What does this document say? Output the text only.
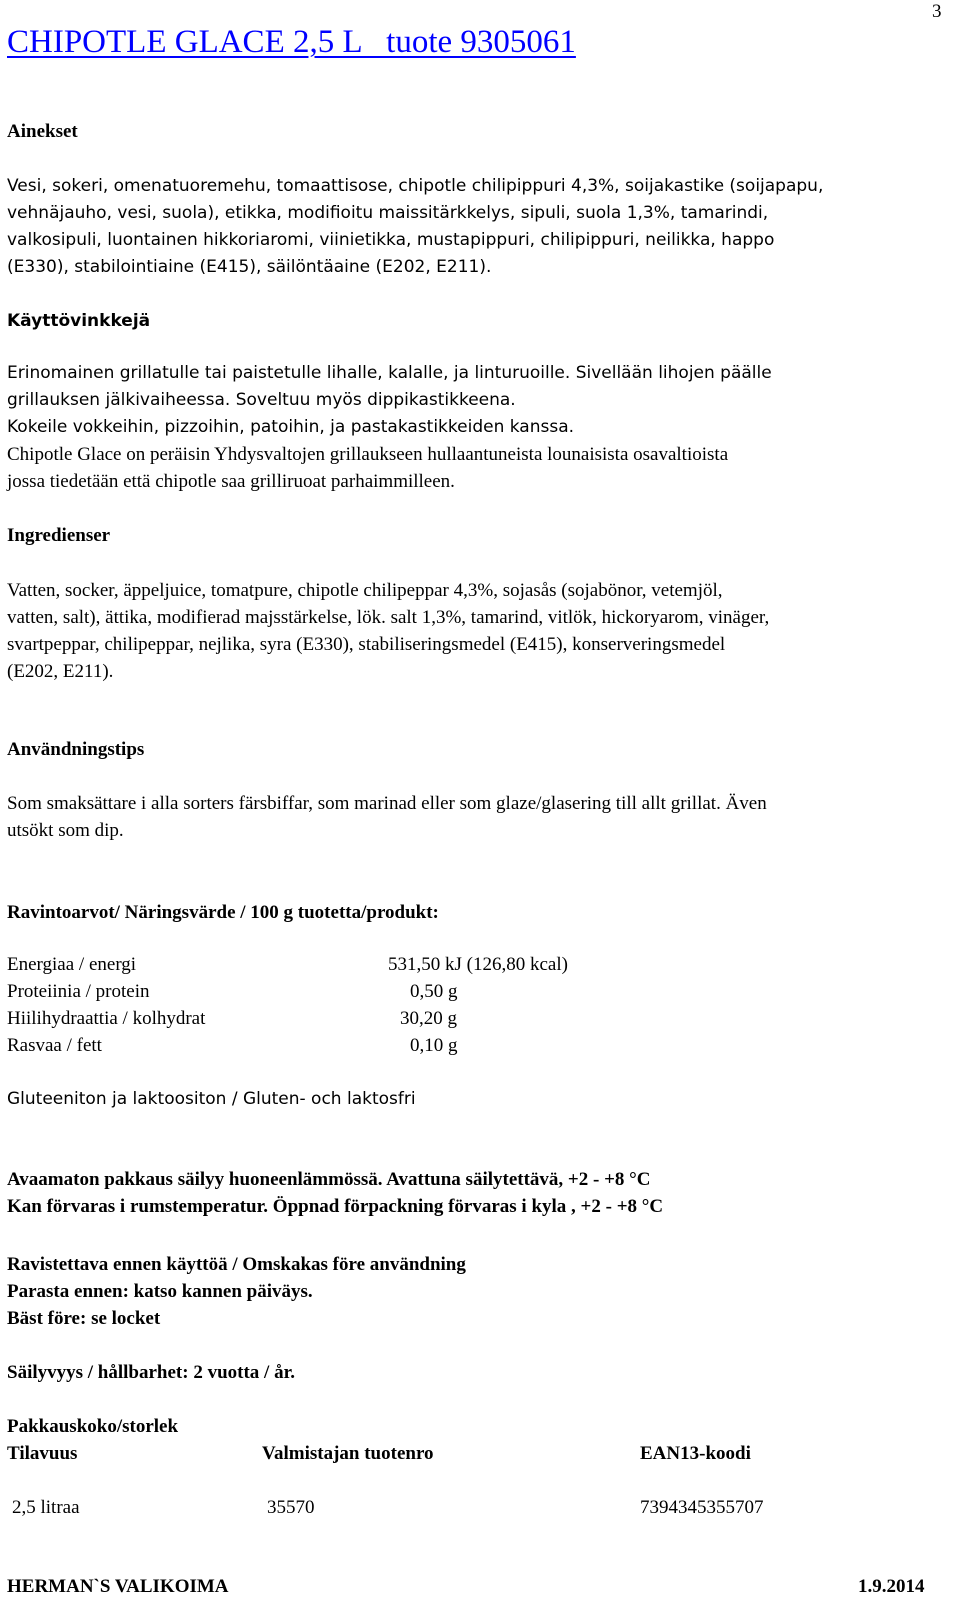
3
CHIPOTLE GLACE 2,5 L   tuote 9305061
Ainekset
Vesi, sokeri, omenatuoremehu, tomaattisose, chipotle chilipippuri 4,3%, soijakastike (soijapapu,
vehnäjauho, vesi, suola), etikka, modifioitu maissitärkkelys, sipuli, suola 1,3%, tamarindi,
valkosipuli, luontainen hikkoriaromi, viinietikka, mustapippuri, chilipippuri, neilikka, happo
(E330), stabilointiaine (E415), säilöntäaine (E202, E211).
Käyttövinkkejä
Erinomainen grillatulle tai paistetulle lihalle, kalalle, ja linturuoille. Sivellään lihojen päälle
grillauksen jälkivaiheessa. Soveltuu myös dippikastikkeena.
Kokeile vokkeihin, pizzoihin, patoihin, ja pastakastikkeiden kanssa.
Chipotle Glace on peräisin Yhdysvaltojen grillaukseen hullaantuneista lounaisista osavaltioista
jossa tiedetään että chipotle saa grilliruoat parhaimmilleen.
Ingredienser
Vatten, socker, äppeljuice, tomatpure, chipotle chilipeppar 4,3%, sojasås (sojabönor, vetemjöl,
vatten, salt), ättika, modifierad majsstärkelse, lök. salt 1,3%, tamarind, vitlök, hickoryarom, vinäger,
svartpeppar, chilipeppar, nejlika, syra (E330), stabiliseringsmedel (E415), konserveringsmedel
(E202, E211).
Användningstips
Som smaksättare i alla sorters färsbiffar, som marinad eller som glaze/glasering till allt grillat. Även
utsökt som dip.
Ravintoarvot/ Näringsvärde / 100 g tuotetta/produkt:
Energiaa / energi	531,50 kJ (126,80 kcal)
Proteiinia / protein	0,50 g
Hiilihydraattia / kolhydrat	30,20 g
Rasvaa / fett	0,10 g
Gluteeniton ja laktoositon / Gluten- och laktosfri
Avaamaton pakkaus säilyy huoneenlämmössä. Avattuna säilytettävä, +2 - +8 °C
Kan förvaras i rumstemperatur. Öppnad förpackning förvaras i kyla , +2 - +8 °C
Ravistettava ennen käyttöä / Omskakas före användning
Parasta ennen: katso kannen päiväys.
Bäst före: se locket
Säilyvyys / hållbarhet: 2 vuotta / år.
Pakkauskoko/storlek
Tilavuus	Valmistajan tuotenro	EAN13-koodi
2,5 litraa	35570	7394345355707
HERMAN`S VALIKOIMA	1.9.2014
